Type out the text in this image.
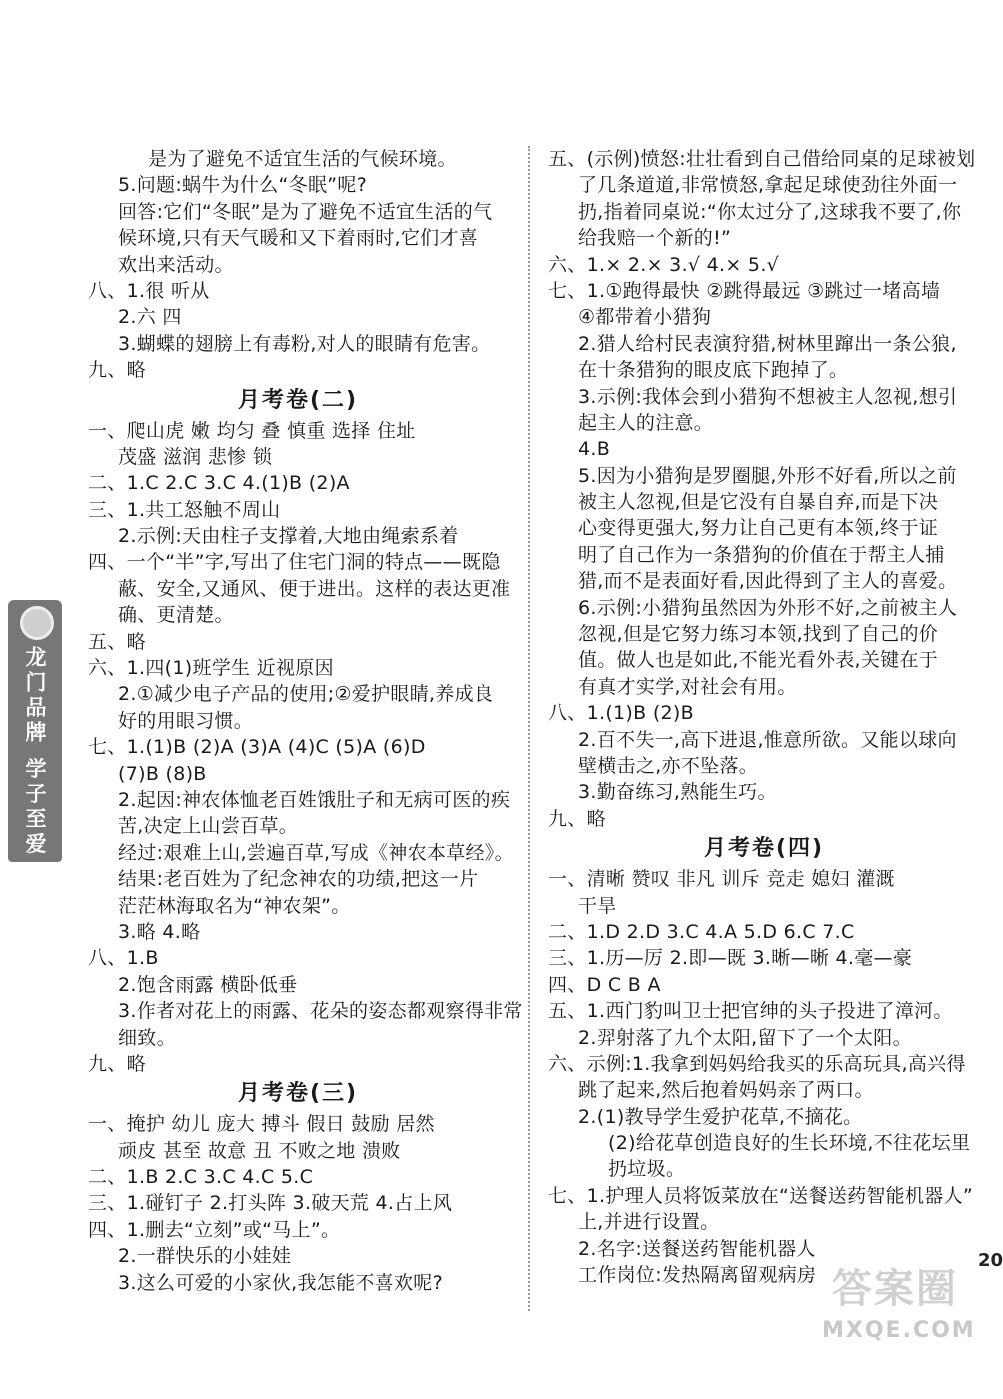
龙门品牌 学子至爱
是为了避免不适宜生活的气候环境。
5.问题:蜗牛为什么“冬眠”呢?
回答:它们“冬眠”是为了避免不适宜生活的气
候环境,只有天气暖和又下着雨时,它们才喜
欢出来活动。
八、1.很 听从
2.六 四
3.蝴蝶的翅膀上有毒粉,对人的眼睛有危害。
九、略
月考卷(二)
一、爬山虎 嫩 均匀 叠 慎重 选择 住址
茂盛 滋润 悲惨 锁
二、1.C 2.C 3.C 4.(1)B (2)A
三、1.共工怒触不周山
2.示例:天由柱子支撑着,大地由绳索系着
四、一个“半”字,写出了住宅门洞的特点——既隐
蔽、安全,又通风、便于进出。这样的表达更准
确、更清楚。
五、略
六、1.四(1)班学生 近视原因
2.①减少电子产品的使用;②爱护眼睛,养成良
好的用眼习惯。
七、1.(1)B (2)A (3)A (4)C (5)A (6)D
(7)B (8)B
2.起因:神农体恤老百姓饿肚子和无病可医的疾
苦,决定上山尝百草。
经过:艰难上山,尝遍百草,写成《神农本草经》。
结果:老百姓为了纪念神农的功绩,把这一片
茫茫林海取名为“神农架”。
3.略 4.略
八、1.B
2.饱含雨露 横卧低垂
3.作者对花上的雨露、花朵的姿态都观察得非常
细致。
九、略
月考卷(三)
一、掩护 幼儿 庞大 搏斗 假日 鼓励 居然
顽皮 甚至 故意 丑 不败之地 溃败
二、1.B 2.C 3.C 4.C 5.C
三、1.碰钉子 2.打头阵 3.破天荒 4.占上风
四、1.删去“立刻”或“马上”。
2.一群快乐的小娃娃
3.这么可爱的小家伙,我怎能不喜欢呢?
五、(示例)愤怒:壮壮看到自己借给同桌的足球被划
了几条道道,非常愤怒,拿起足球使劲往外面一
扔,指着同桌说:“你太过分了,这球我不要了,你
给我赔一个新的!”
六、1.× 2.× 3.√ 4.× 5.√
七、1.①跑得最快 ②跳得最远 ③跳过一堵高墙
④都带着小猎狗
2.猎人给村民表演狩猎,树林里蹿出一条公狼,
在十条猎狗的眼皮底下跑掉了。
3.示例:我体会到小猎狗不想被主人忽视,想引
起主人的注意。
4.B
5.因为小猎狗是罗圈腿,外形不好看,所以之前
被主人忽视,但是它没有自暴自弃,而是下决
心变得更强大,努力让自己更有本领,终于证
明了自己作为一条猎狗的价值在于帮主人捕
猎,而不是表面好看,因此得到了主人的喜爱。
6.示例:小猎狗虽然因为外形不好,之前被主人
忽视,但是它努力练习本领,找到了自己的价
值。做人也是如此,不能光看外表,关键在于
有真才实学,对社会有用。
八、1.(1)B (2)B
2.百不失一,高下进退,惟意所欲。又能以球向
壁横击之,亦不坠落。
3.勤奋练习,熟能生巧。
九、略
月考卷(四)
一、清晰 赞叹 非凡 训斥 竞走 媳妇 灌溉
干旱
二、1.D 2.D 3.C 4.A 5.D 6.C 7.C
三、1.历—厉 2.即—既 3.晰—晰 4.毫—豪
四、D C B A
五、1.西门豹叫卫士把官绅的头子投进了漳河。
2.羿射落了九个太阳,留下了一个太阳。
六、示例:1.我拿到妈妈给我买的乐高玩具,高兴得
跳了起来,然后抱着妈妈亲了两口。
2.(1)教导学生爱护花草,不摘花。
(2)给花草创造良好的生长环境,不往花坛里
扔垃圾。
七、1.护理人员将饭菜放在“送餐送药智能机器人”
上,并进行设置。
2.名字:送餐送药智能机器人
工作岗位:发热隔离留观病房 答案圈
20
MXQE.COM
